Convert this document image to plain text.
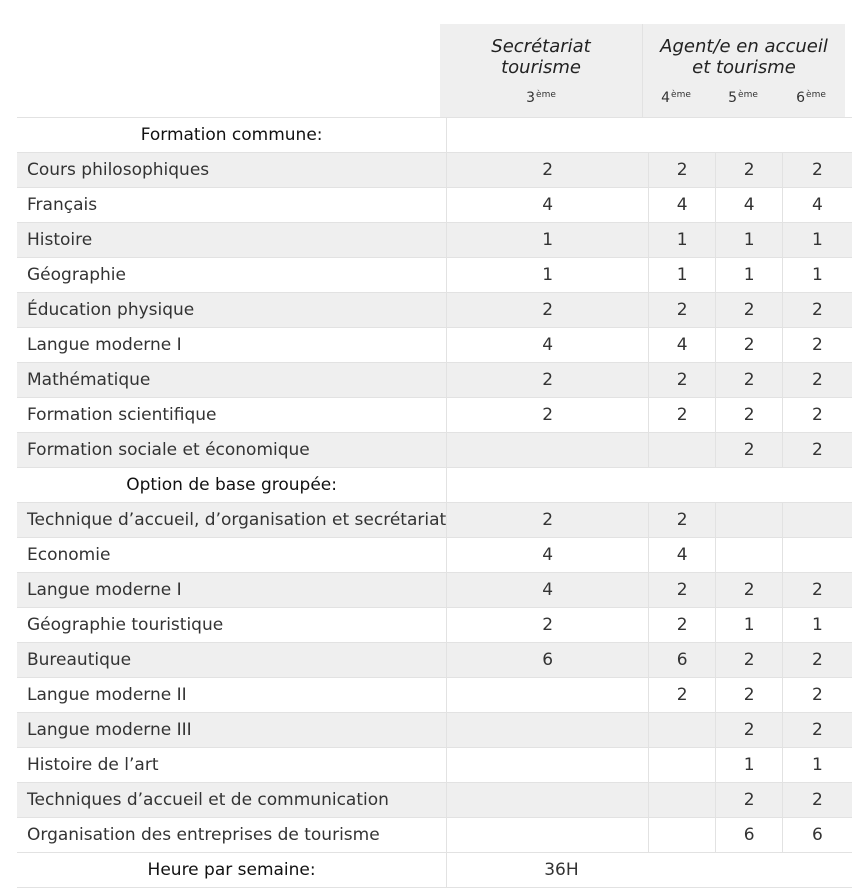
Secrétariat tourisme
Agent/e en accueil et tourisme
3ème	4ème	5ème	6ème
Formation commune:				
Cours philosophiques	2	2	2	2
Français	4	4	4	4
Histoire	1	1	1	1
Géographie	1	1	1	1
Éducation physique	2	2	2	2
Langue moderne I	4	4	2	2
Mathématique	2	2	2	2
Formation scientifique	2	2	2	2
Formation sociale et économique			2	2
Option de base groupée:				
Technique d’accueil, d’organisation et secrétariat	2	2		
Economie	4	4		
Langue moderne I	4	2	2	2
Géographie touristique	2	2	1	1
Bureautique	6	6	2	2
Langue moderne II		2	2	2
Langue moderne III			2	2
Histoire de l’art			1	1
Techniques d’accueil et de communication			2	2
Organisation des entreprises de tourisme			6	6
Heure par semaine:	36H			
